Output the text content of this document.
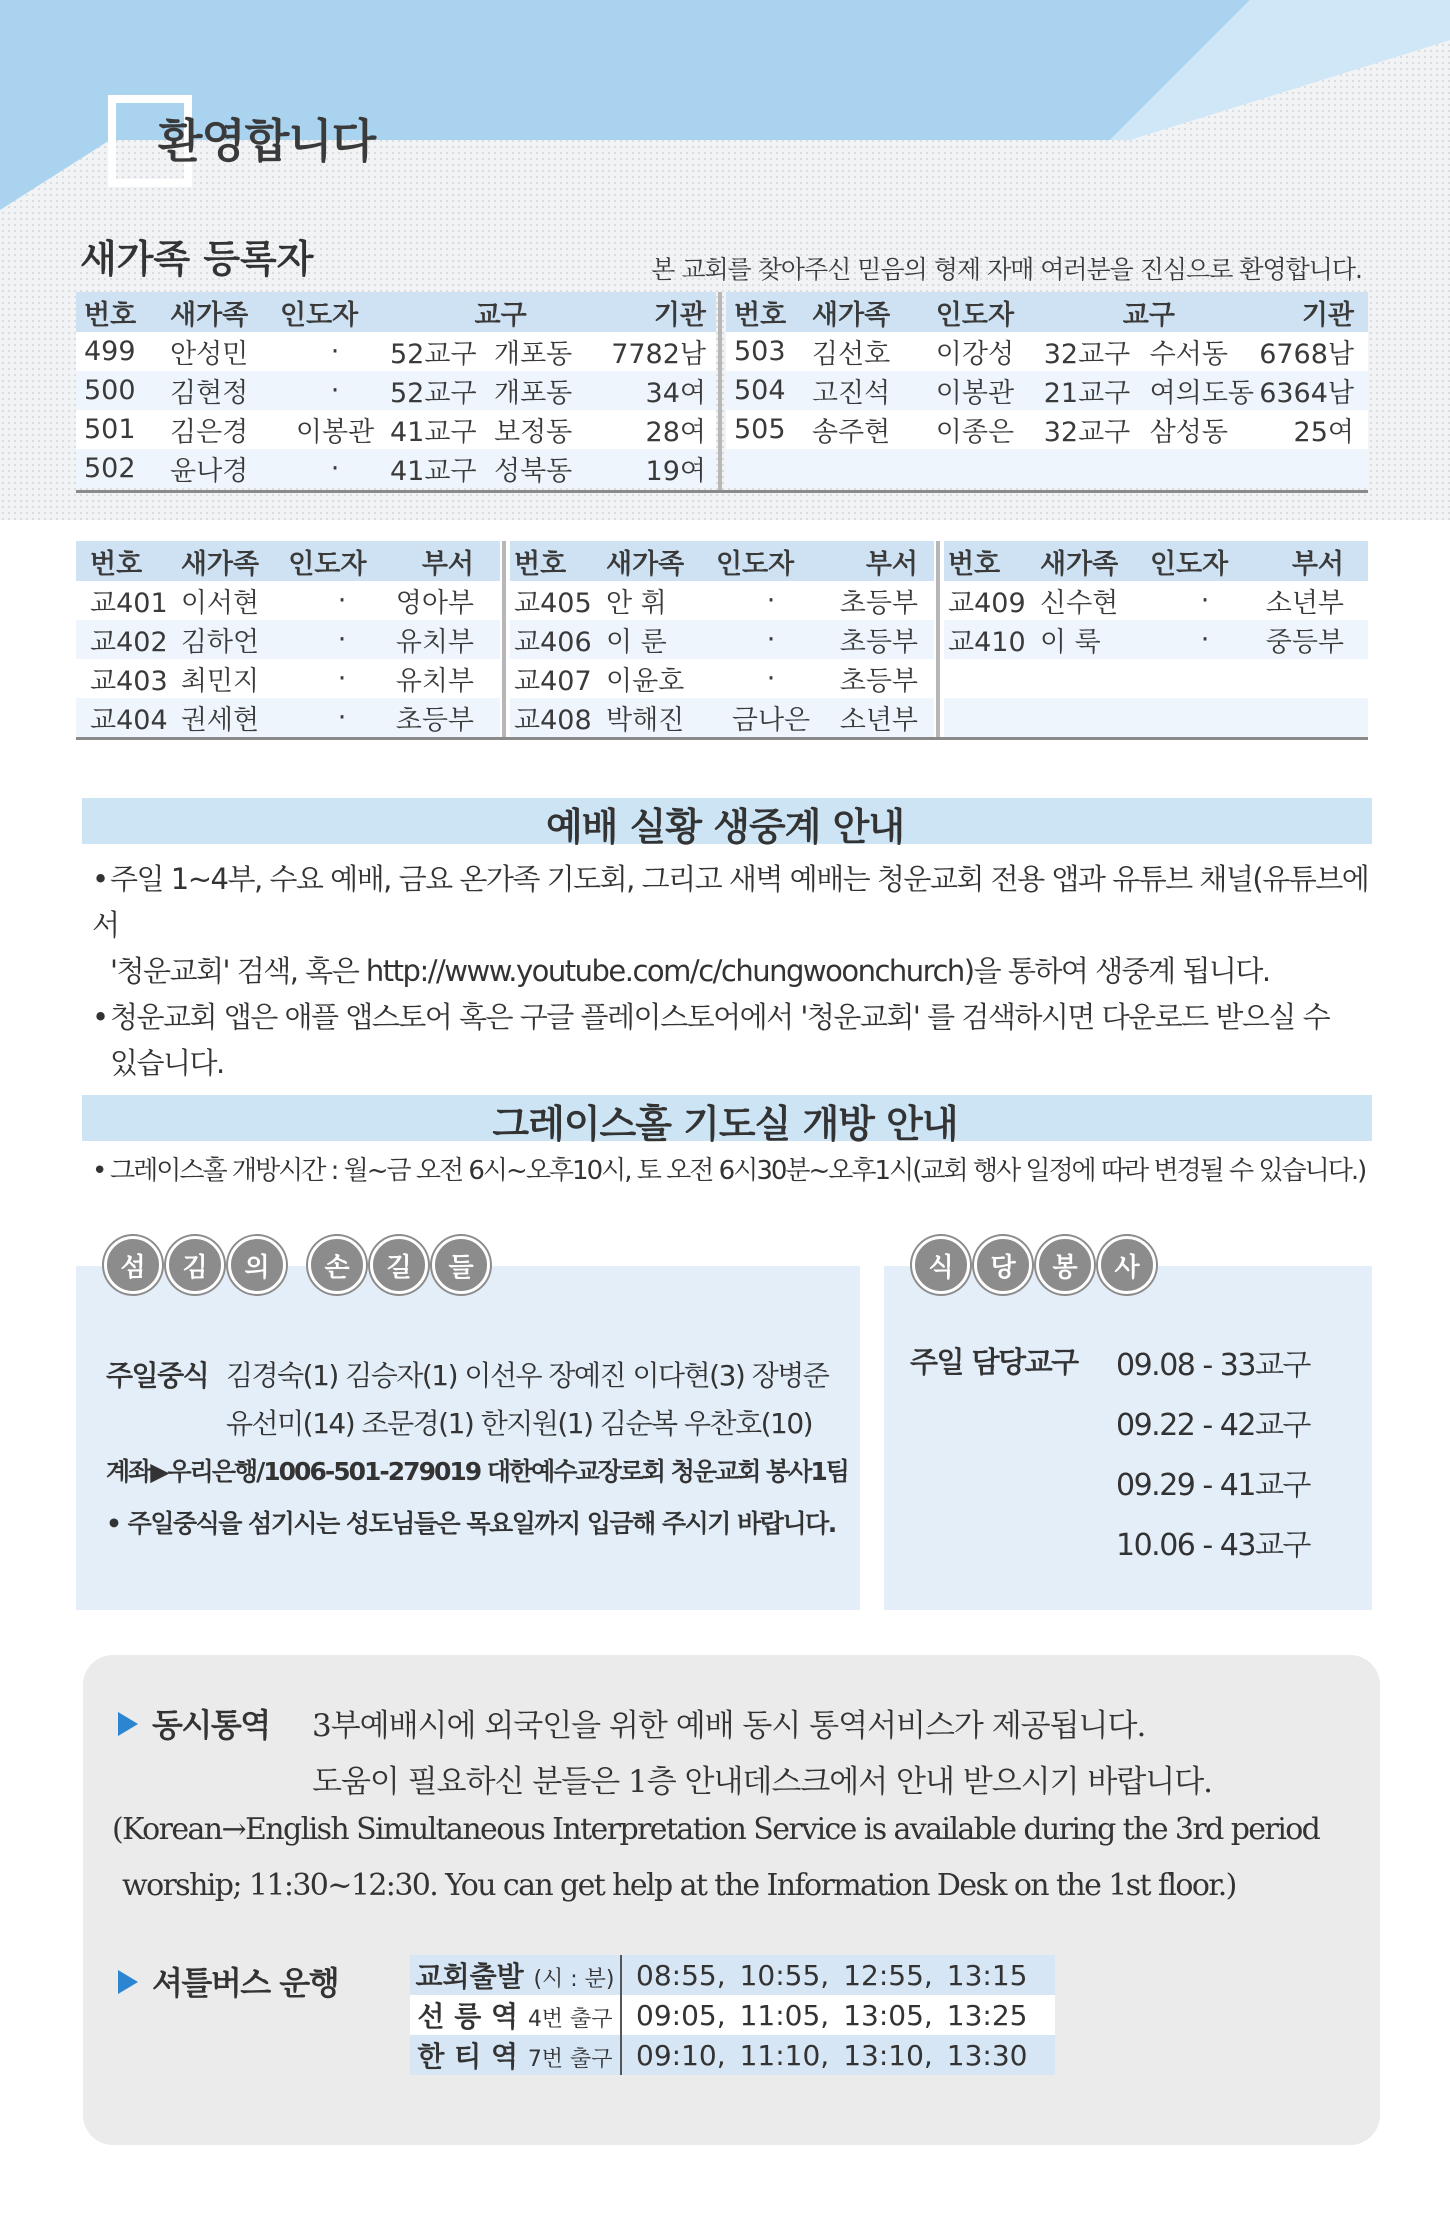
환영합니다
새가족 등록자	본 교회를 찾아주신 믿음의 형제 자매 여러분을 진심으로 환영합니다.
번호	새가족	인도자	교구		기관
499	안성민	·	52교구	개포동	7782남
500	김현정	·	52교구	개포동	34여
501	김은경	이봉관	41교구	보정동	28여
502	윤나경	·	41교구	성북동	19여
번호	새가족	인도자	교구		기관
503	김선호	이강성	32교구	수서동	6768남
504	고진석	이봉관	21교구	여의도동	6364남
505	송주현	이종은	32교구	삼성동	25여

번호	새가족	인도자	부서
교401	이서현	·	영아부
교402	김하언	·	유치부
교403	최민지	·	유치부
교404	권세현	·	초등부
번호	새가족	인도자	부서
교405	안 휘	·	초등부
교406	이 룬	·	초등부
교407	이윤호	·	초등부
교408	박해진	금나은	소년부
번호	새가족	인도자	부서
교409	신수현	·	소년부
교410	이 룩	·	중등부

예배 실황 생중계 안내
•주일 1~4부, 수요 예배, 금요 온가족 기도회, 그리고 새벽 예배는 청운교회 전용 앱과 유튜브 채널(유튜브에서
'청운교회' 검색, 혹은 http://www.youtube.com/c/chungwoonchurch)을 통하여 생중계 됩니다.
•청운교회 앱은 애플 앱스토어 혹은 구글 플레이스토어에서 '청운교회' 를 검색하시면 다운로드 받으실 수
있습니다.
그레이스홀 기도실 개방 안내
• 그레이스홀 개방시간 : 월~금 오전 6시~오후10시, 토 오전 6시30분~오후1시(교회 행사 일정에 따라 변경될 수 있습니다.)
섬	김	의	손	길	들
주일중식 김경숙(1) 김승자(1) 이선우 장예진 이다현(3) 장병준
유선미(14) 조문경(1) 한지원(1) 김순복 우찬호(10)
계좌▶우리은행/1006-501-279019 대한예수교장로회 청운교회 봉사1팀
• 주일중식을 섬기시는 성도님들은 목요일까지 입금해 주시기 바랍니다.
식	당	봉	사
주일 담당교구 09.08 - 33교구
09.22 - 42교구
09.29 - 41교구
10.06 - 43교구
동시통역 3부예배시에 외국인을 위한 예배 동시 통역서비스가 제공됩니다.
도움이 필요하신 분들은 1층 안내데스크에서 안내 받으시기 바랍니다.
(Korean→English Simultaneous Interpretation Service is available during the 3rd period
worship; 11:30~12:30. You can get help at the Information Desk on the 1st floor.)
셔틀버스 운행	교회출발 (시 : 분)	08:55,	10:55,	12:55,	13:15
선 릉 역 4번 출구	09:05,	11:05,	13:05,	13:25
한 티 역 7번 출구	09:10,	11:10,	13:10,	13:30
